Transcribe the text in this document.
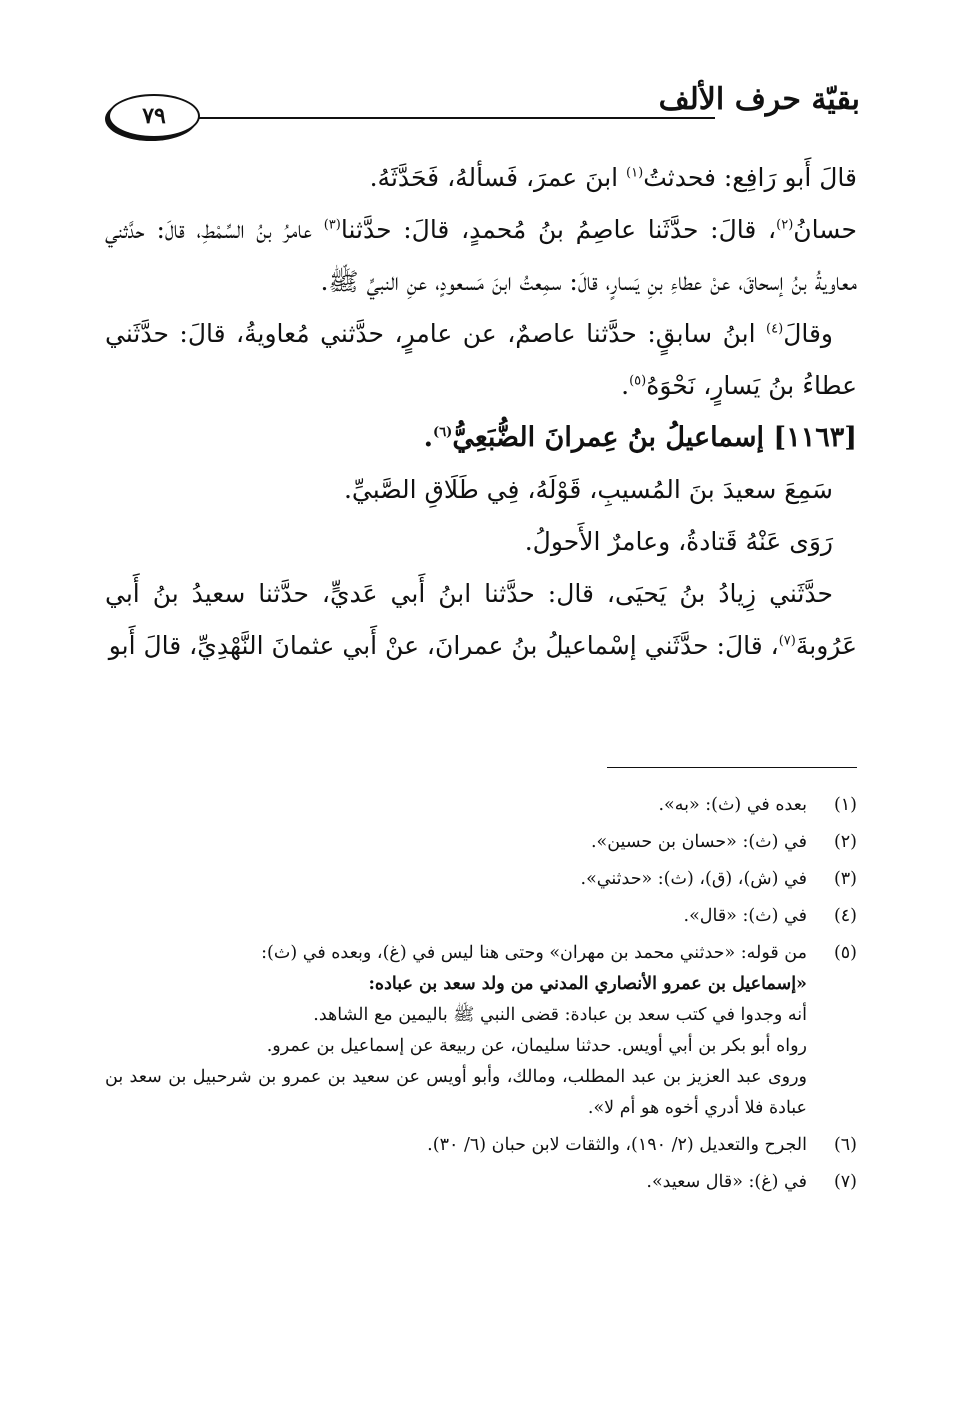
بقيّة حرف الألف
٧٩

قالَ أَبو رَافِع: فحدثتُ$^{(١)}$ ابنَ عمرَ، فَسألهُ، فَحَدَّثَهُ.

حسانُ$^{(٢)}$، قالَ: حدَّثَنا عاصِمُ بنُ مُحمدٍ، قالَ: حدَّثنا$^{(٣)}$ عامرُ بنُ السِّمْطِ، قالَ: حدَّثني معاويةُ بنُ إسحاقَ، عنْ عطاءِ بنِ يَسارٍ، قالَ: سمِعتُ ابنَ مَسعودٍ، عنِ النبيِّ ﷺ.

وقالَ$^{(٤)}$ ابنُ سابقٍ: حدَّثنا عاصمٌ، عن عامرٍ، حدَّثني مُعاويةُ، قالَ: حدَّثَني عطاءُ بنُ يَسارٍ، نَحْوَهُ$^{(٥)}$.

[١١٦٣] إسماعيلُ بنُ عِمرانَ الضُّبَعِيُّ$^{(٦)}$.

سَمِعَ سعيدَ بنَ المُسيبِ، قَوْلَهُ، فِي طَلَاقِ الصَّبيِّ.

رَوَى عَنْهُ قَتادةُ، وعامرٌ الأَحولُ.

حدَّثَني زِيادُ بنُ يَحيَى، قال: حدَّثنا ابنُ أَبي عَديٍّ، حدَّثنا سعيدُ بنُ أَبي عَرُوبةَ$^{(٧)}$، قالَ: حدَّثَني إسْماعيلُ بنُ عمرانَ، عنْ أَبي عثمانَ النَّهْدِيِّ، قالَ أَبو

(١)
بعده في (ث): «به».
(٢)
في (ث): «حسان بن حسين».
(٣)
في (ش)، (ق)، (ث): «حدثني».
(٤)
في (ث): «قال».
(٥)
من قوله: «حدثني محمد بن مهران» وحتى هنا ليس في (غ)، وبعده في (ث):
«إسماعيل بن عمرو الأنصاري المدني من ولد سعد بن عباده:
أنه وجدوا في كتب سعد بن عبادة: قضى النبي ﷺ باليمين مع الشاهد.
رواه أبو بكر بن أبي أويس. حدثنا سليمان، عن ربيعة عن إسماعيل بن عمرو.
وروى عبد العزيز بن عبد المطلب، ومالك، وأبو أويس عن سعيد بن عمرو بن شرحبيل بن سعد بن عبادة فلا أدري أخوه هو أم لا».
(٦)
الجرح والتعديل (٢/ ١٩٠)، والثقات لابن حبان (٦/ ٣٠).
(٧)
في (غ): «قال سعيد».
